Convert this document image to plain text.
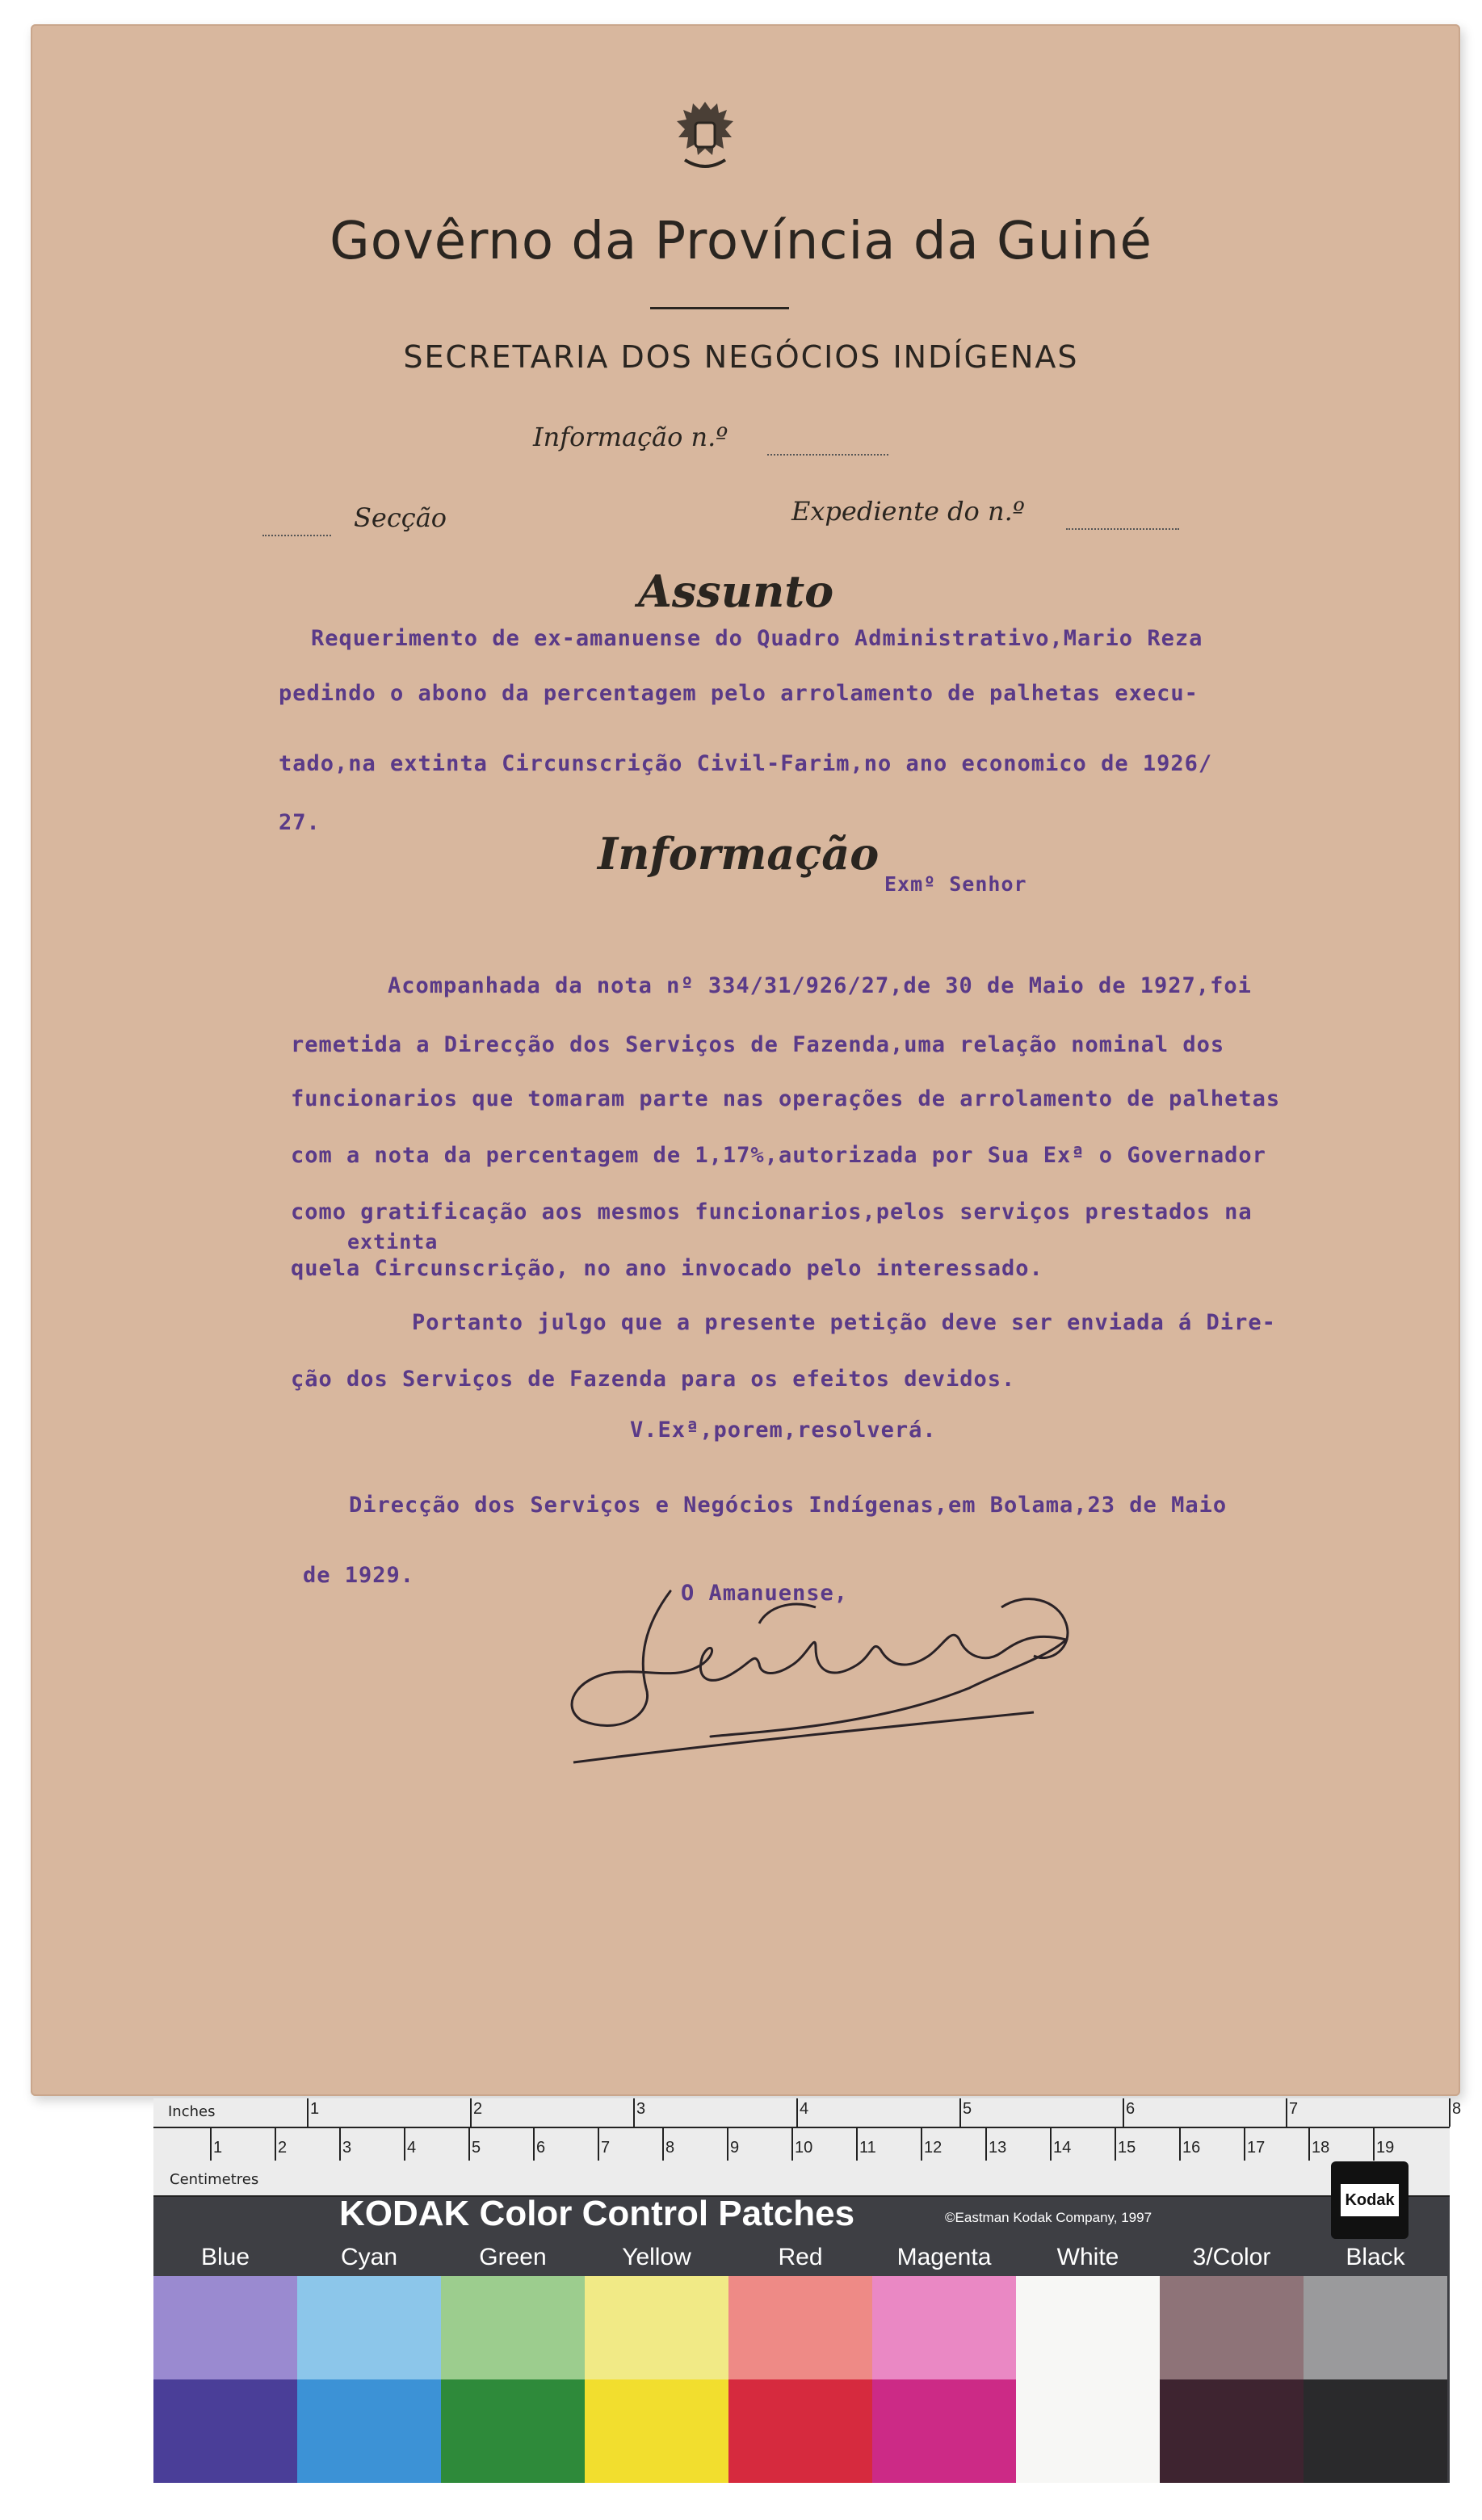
Govêrno da Província da Guiné
SECRETARIA DOS NEGÓCIOS INDÍGENAS
Informação n.º
Secção	Expediente do n.º
Assunto
Requerimento de ex-amanuense do Quadro Administrativo,Mario Reza
pedindo o abono da percentagem pelo arrolamento de palhetas execu-
tado,na extinta Circunscrição Civil-Farim,no ano economico de 1926/
27.
Informação
Exmº Senhor
Acompanhada da nota nº 334/31/926/27,de 30 de Maio de 1927,foi
remetida a Direcção dos Serviços de Fazenda,uma relação nominal dos
funcionarios que tomaram parte nas operações de arrolamento de palhetas
com a nota da percentagem de 1,17%,autorizada por Sua Exª o Governador
como gratificação aos mesmos funcionarios,pelos serviços prestados na
extinta
quela Circunscrição, no ano invocado pelo interessado.
Portanto julgo que a presente petição deve ser enviada á Dire-
ção dos Serviços de Fazenda para os efeitos devidos.
V.Exª,porem,resolverá.
Direcção dos Serviços e Negócios Indígenas,em Bolama,23 de Maio
de 1929.
O Amanuense,
Inches
Centimetres
1	2	3	4	5	6	7	8
1	2	3	4	5	6	7	8	9	10	11	12	13	14	15	16	17	18	19
KODAK Color Control Patches	©Eastman Kodak Company, 1997
Kodak
Blue	Cyan	Green	Yellow	Red	Magenta	White	3/Color	Black
